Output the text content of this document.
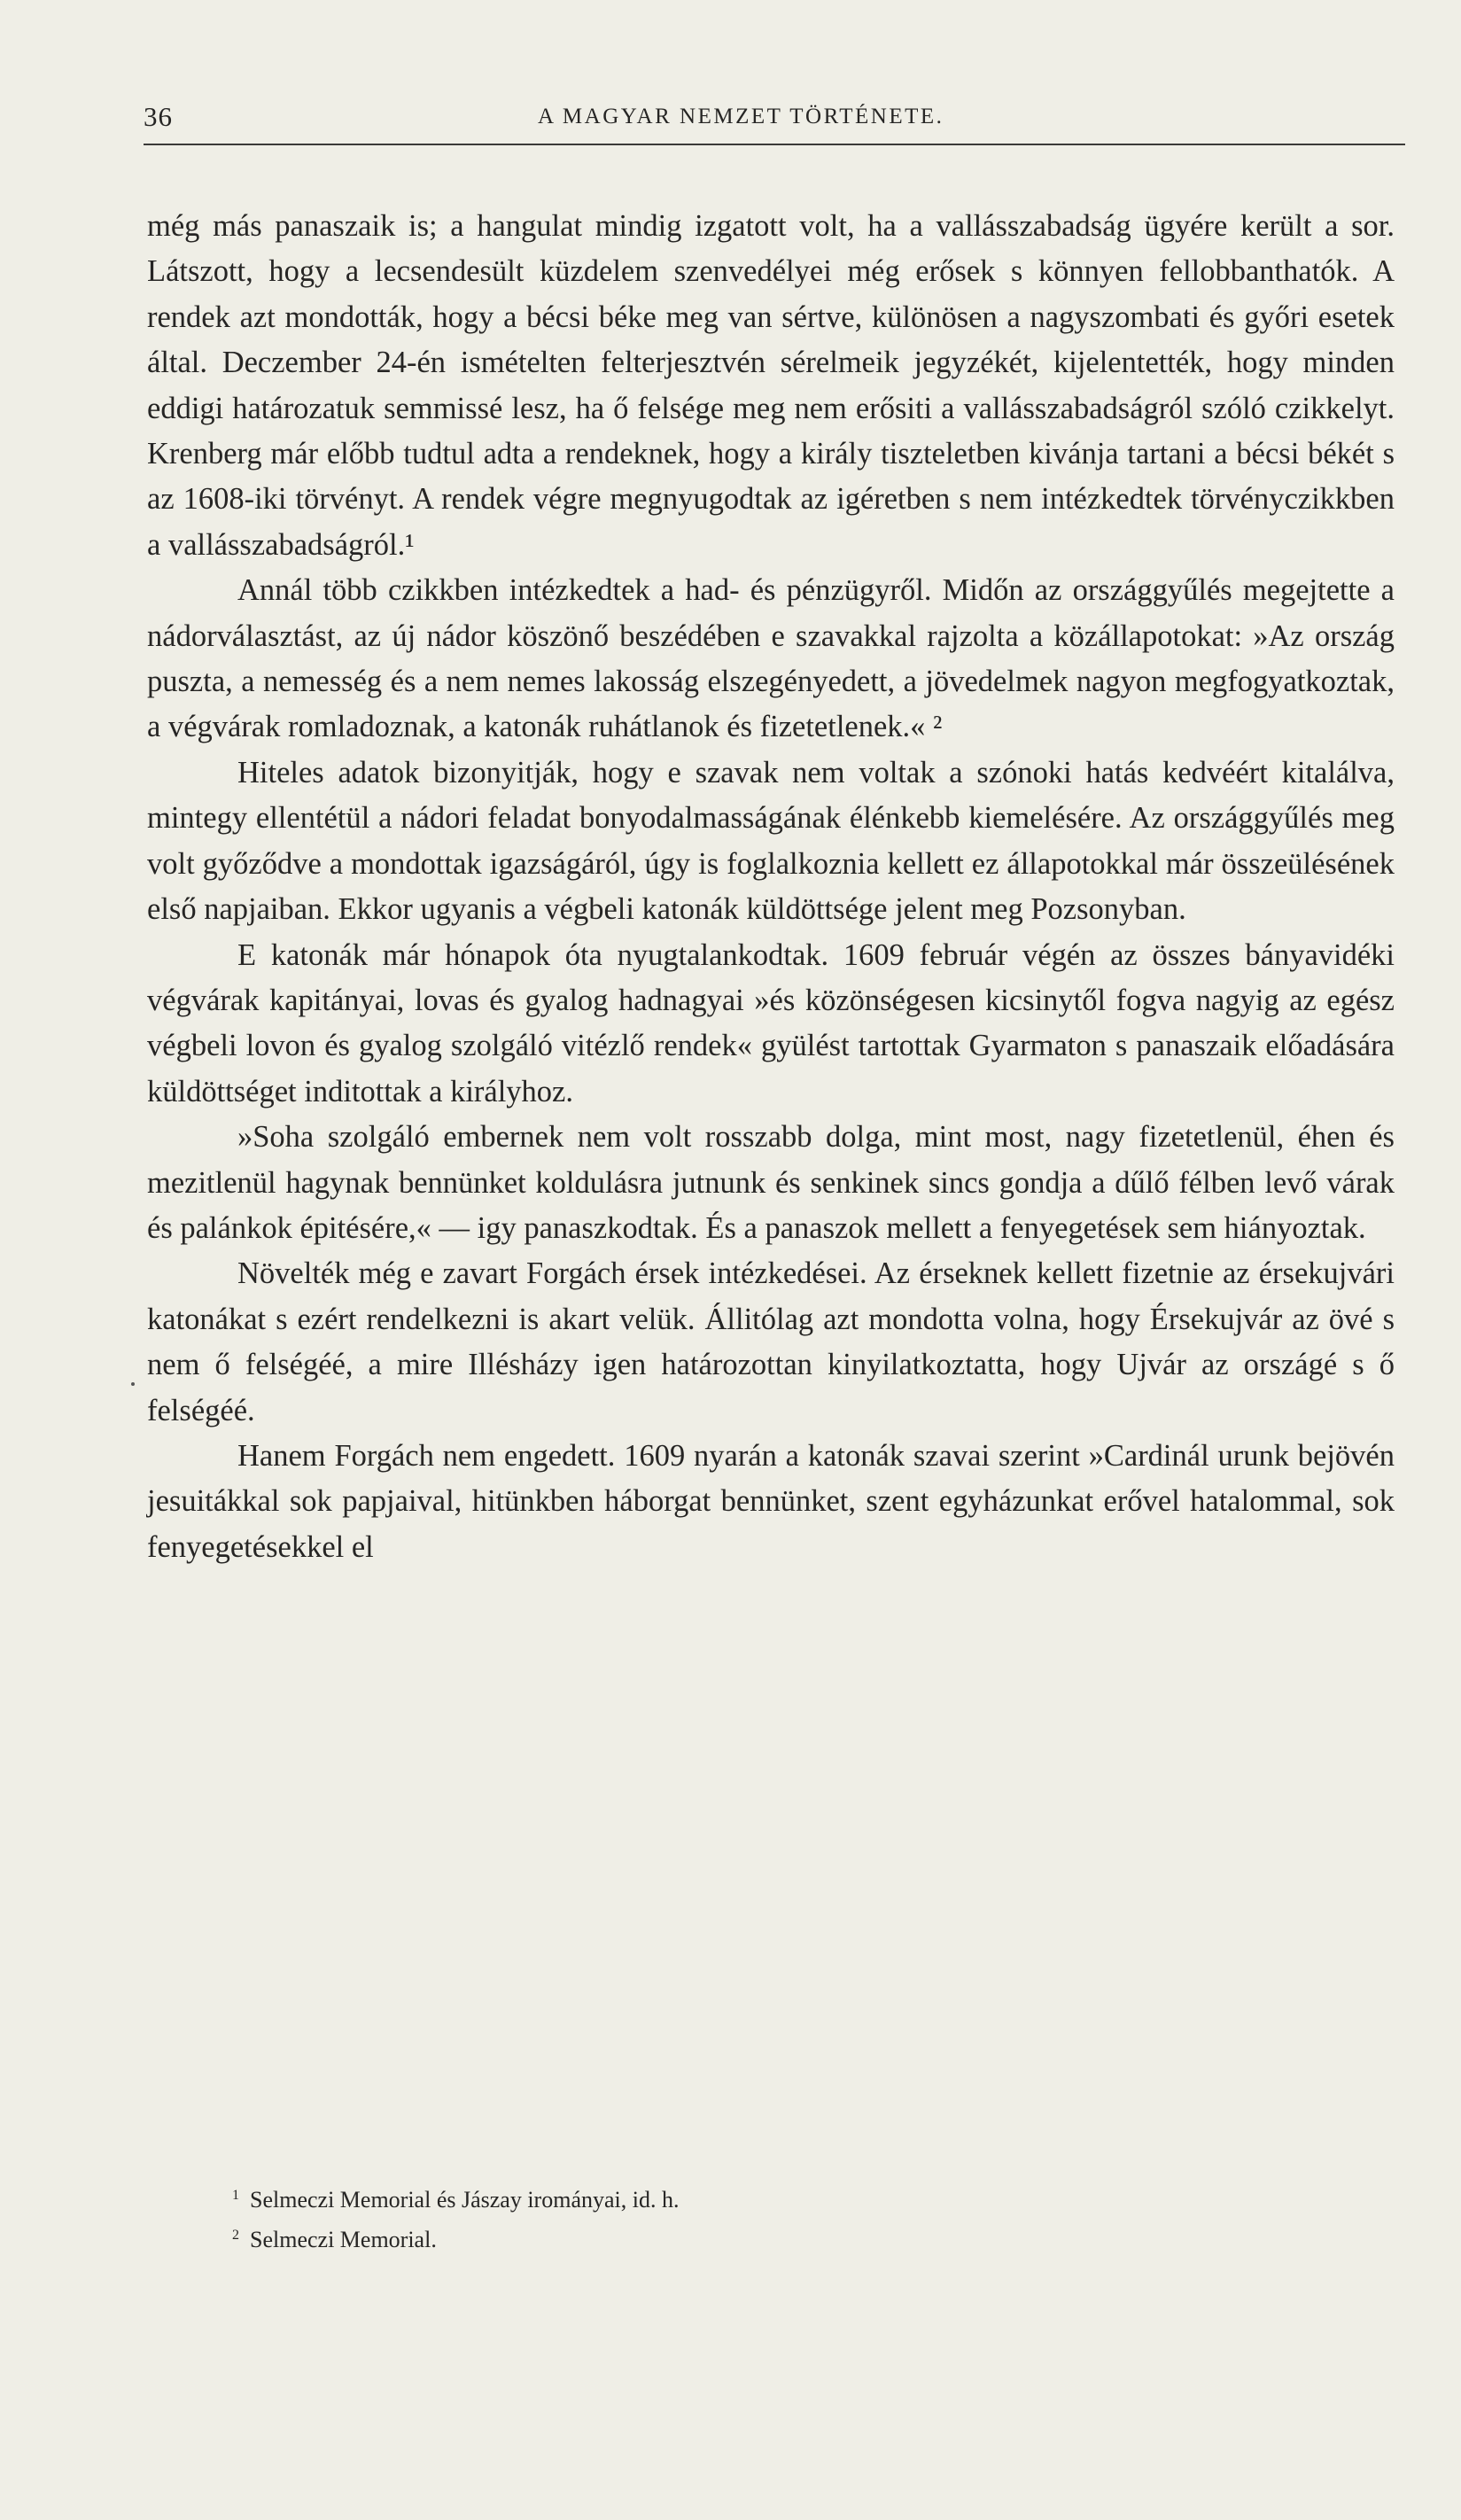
36	A MAGYAR NEMZET TÖRTÉNETE.

még más panaszaik is; a hangulat mindig izgatott volt, ha a vallásszabadság ügyére került a sor. Látszott, hogy a lecsendesült küzdelem szenvedélyei még erősek s könnyen fellobbanthatók. A rendek azt mondották, hogy a bécsi béke meg van sértve, különösen a nagyszombati és győri esetek által. Deczember 24-én ismételten felterjesztvén sérelmeik jegyzékét, kijelentették, hogy minden eddigi határozatuk semmissé lesz, ha ő felsége meg nem erősiti a vallásszabadságról szóló czikkelyt. Krenberg már előbb tudtul adta a rendeknek, hogy a király tiszteletben kivánja tartani a bécsi békét s az 1608-iki törvényt. A rendek végre megnyugodtak az igéretben s nem intézkedtek törvényczikkben a vallásszabadságról.¹

Annál több czikkben intézkedtek a had- és pénzügyről. Midőn az országgyűlés megejtette a nádorválasztást, az új nádor köszönő beszédében e szavakkal rajzolta a közállapotokat: »Az ország puszta, a nemesség és a nem nemes lakosság elszegényedett, a jövedelmek nagyon megfogyatkoztak, a végvárak romladoznak, a katonák ruhátlanok és fizetetlenek.« ²

Hiteles adatok bizonyitják, hogy e szavak nem voltak a szónoki hatás kedvéért kitalálva, mintegy ellentétül a nádori feladat bonyodalmasságának élénkebb kiemelésére. Az országgyűlés meg volt győződve a mondottak igazságáról, úgy is foglalkoznia kellett ez állapotokkal már összeülésének első napjaiban. Ekkor ugyanis a végbeli katonák küldöttsége jelent meg Pozsonyban.

E katonák már hónapok óta nyugtalankodtak. 1609 február végén az összes bányavidéki végvárak kapitányai, lovas és gyalog hadnagyai »és közönségesen kicsinytől fogva nagyig az egész végbeli lovon és gyalog szolgáló vitézlő rendek« gyülést tartottak Gyarmaton s panaszaik előadására küldöttséget inditottak a királyhoz.

»Soha szolgáló embernek nem volt rosszabb dolga, mint most, nagy fizetetlenül, éhen és mezitlenül hagynak bennünket koldulásra jutnunk és senkinek sincs gondja a dűlő félben levő várak és palánkok épitésére,« — igy panaszkodtak. És a panaszok mellett a fenyegetések sem hiányoztak.

Növelték még e zavart Forgách érsek intézkedései. Az érseknek kellett fizetnie az érsekujvári katonákat s ezért rendelkezni is akart velük. Állitólag azt mondotta volna, hogy Érsekujvár az övé s nem ő felségéé, a mire Illésházy igen határozottan kinyilatkoztatta, hogy Ujvár az országé s ő felségéé.

Hanem Forgách nem engedett. 1609 nyarán a katonák szavai szerint »Cardinál urunk bejövén jesuitákkal sok papjaival, hitünkben háborgat bennünket, szent egyházunkat erővel hatalommal, sok fenyegetésekkel el

$^1$ Selmeczi Memorial és Jászay irományai, id. h.

$^2$ Selmeczi Memorial.
